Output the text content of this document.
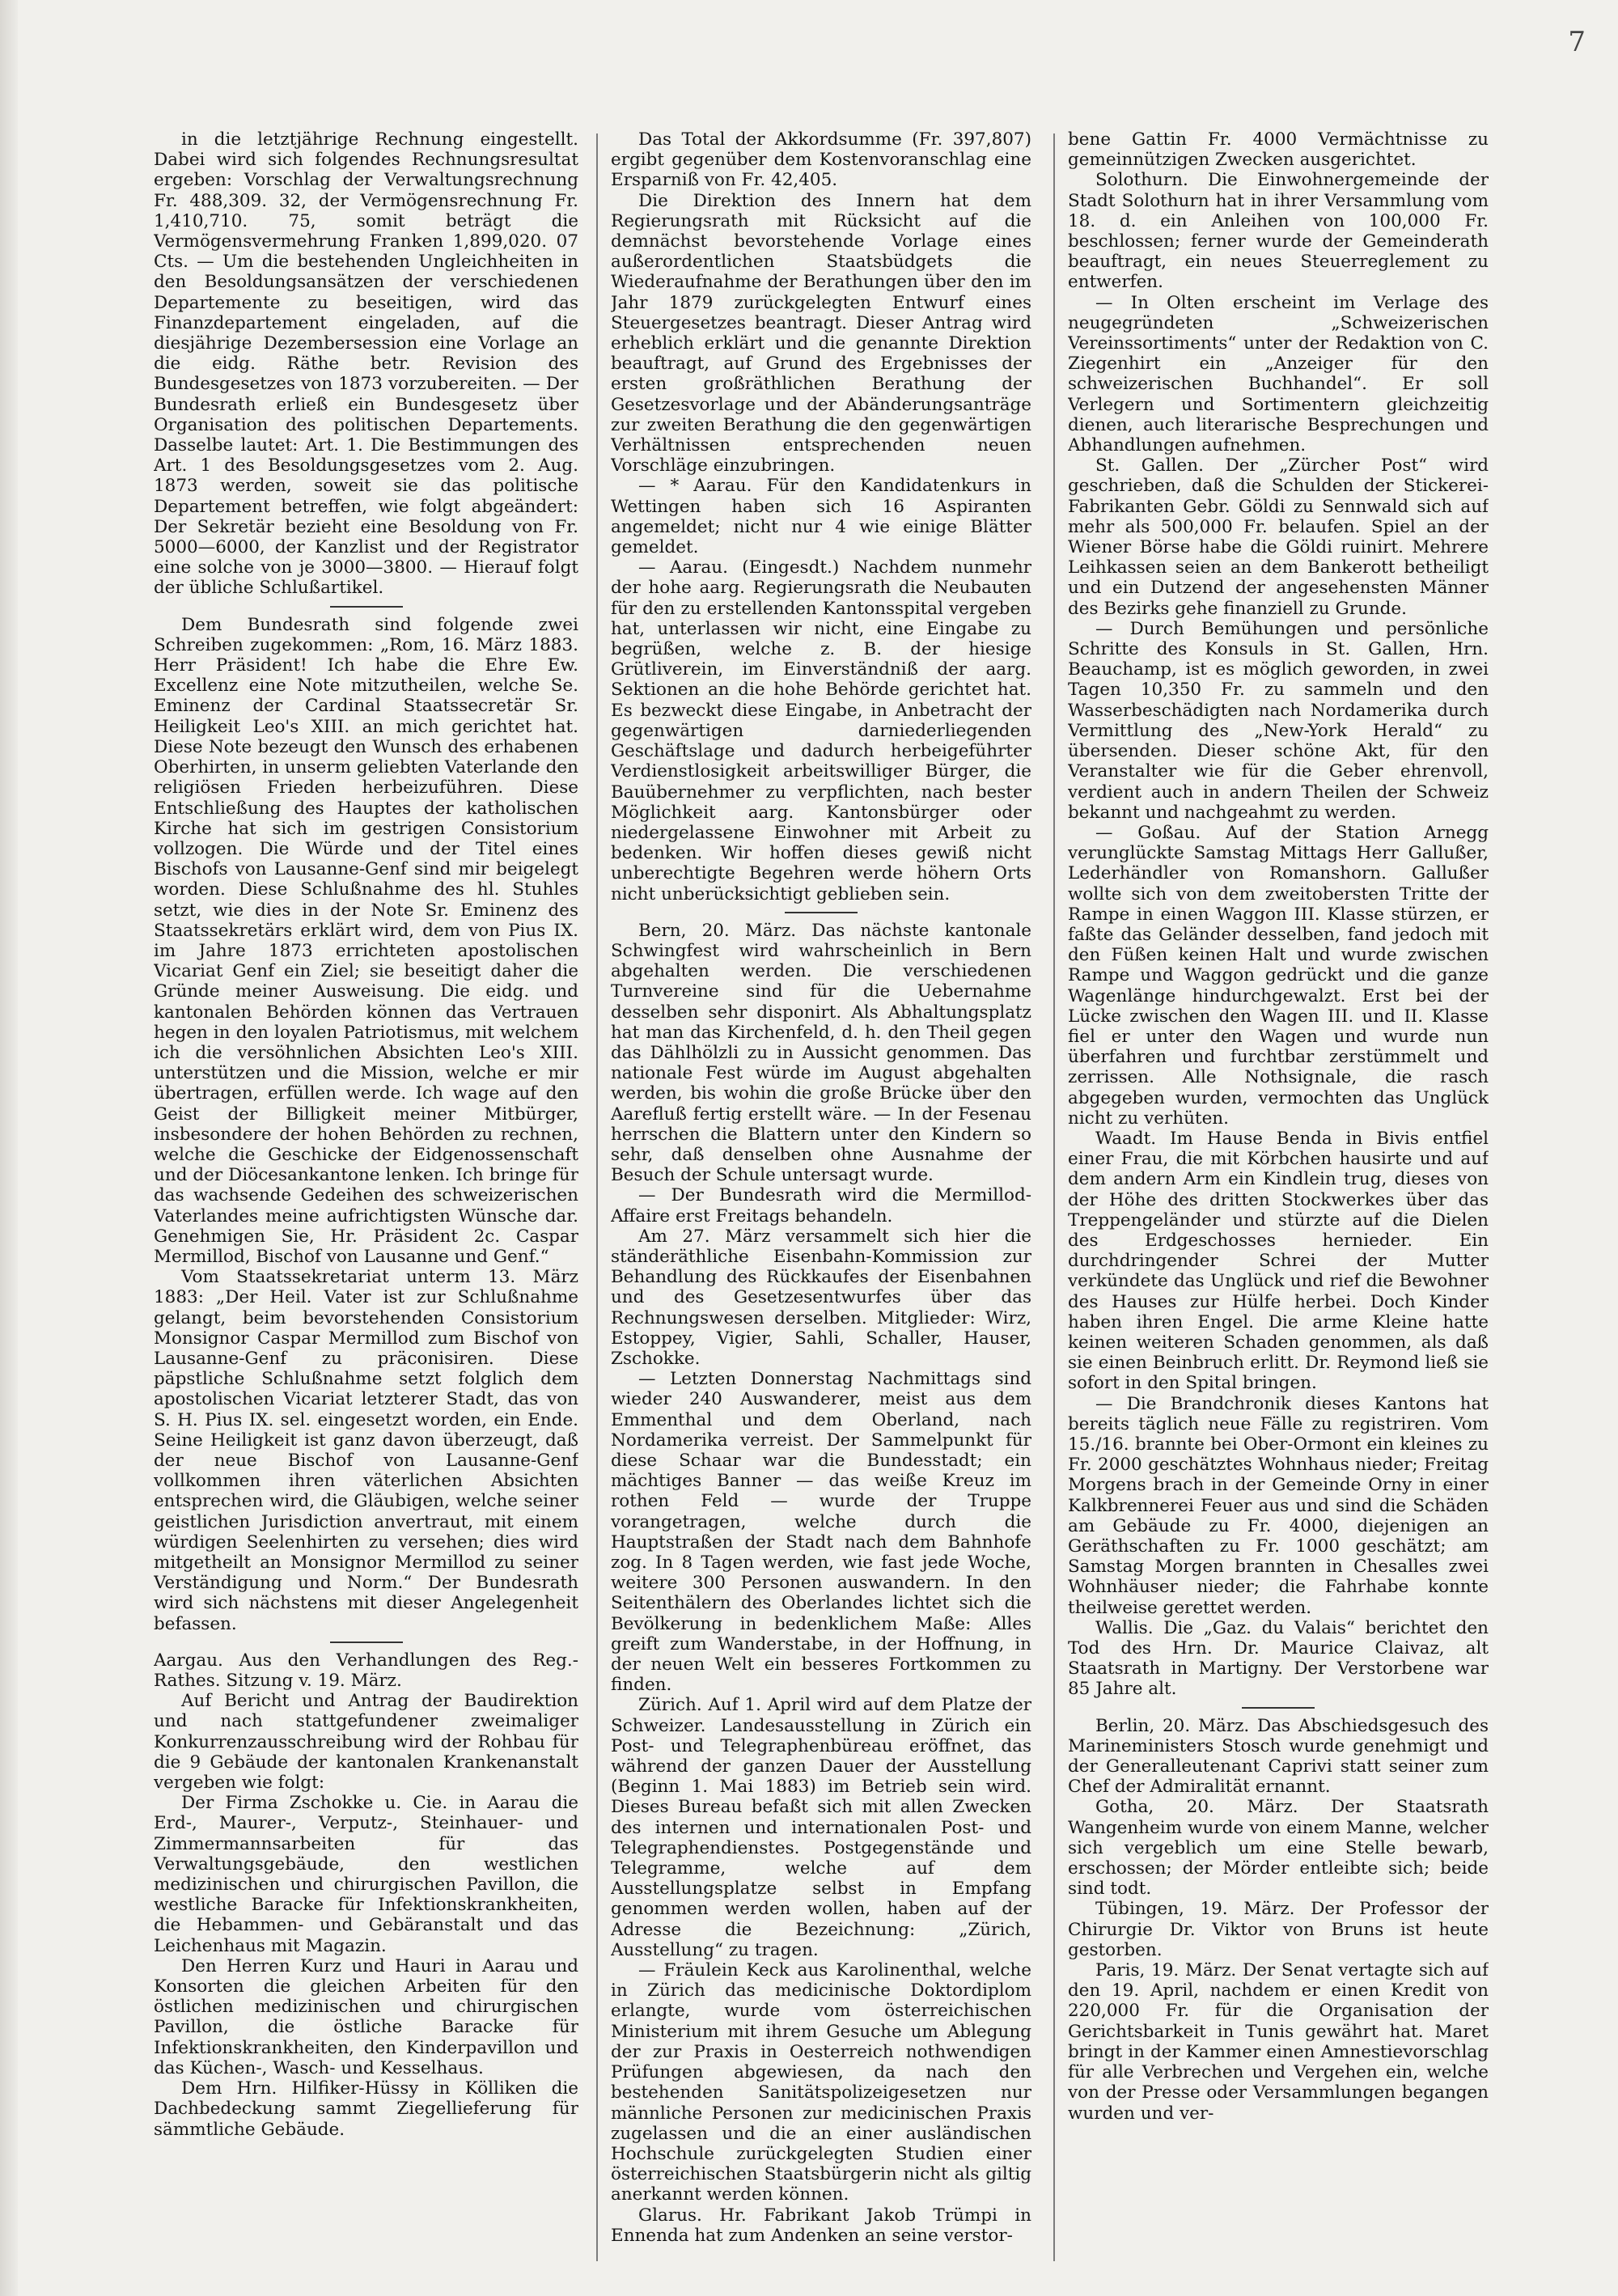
7

in die letztjährige Rechnung eingestellt. Dabei wird sich folgendes Rechnungsresultat ergeben: Vorschlag der Verwaltungsrechnung Fr. 488,309. 32, der Vermögensrechnung Fr. 1,410,710. 75, somit beträgt die Vermögensvermehrung Franken 1,899,020. 07 Cts. — Um die bestehenden Ungleichheiten in den Besoldungsansätzen der verschiedenen Departemente zu beseitigen, wird das Finanzdepartement eingeladen, auf die diesjährige Dezembersession eine Vorlage an die eidg. Räthe betr. Revision des Bundesgesetzes von 1873 vorzubereiten. — Der Bundesrath erließ ein Bundesgesetz über Organisation des politischen Departements. Dasselbe lautet: Art. 1. Die Bestimmungen des Art. 1 des Besoldungsgesetzes vom 2. Aug. 1873 werden, soweit sie das politische Departement betreffen, wie folgt abgeändert: Der Sekretär bezieht eine Besoldung von Fr. 5000—6000, der Kanzlist und der Registrator eine solche von je 3000—3800. — Hierauf folgt der übliche Schlußartikel.

Dem Bundesrath sind folgende zwei Schreiben zugekommen: „Rom, 16. März 1883. Herr Präsident! Ich habe die Ehre Ew. Excellenz eine Note mitzutheilen, welche Se. Eminenz der Cardinal Staatssecretär Sr. Heiligkeit Leo's XIII. an mich gerichtet hat. Diese Note bezeugt den Wunsch des erhabenen Oberhirten, in unserm geliebten Vaterlande den religiösen Frieden herbeizuführen. Diese Entschließung des Hauptes der katholischen Kirche hat sich im gestrigen Consistorium vollzogen. Die Würde und der Titel eines Bischofs von Lausanne-Genf sind mir beigelegt worden. Diese Schlußnahme des hl. Stuhles setzt, wie dies in der Note Sr. Eminenz des Staatssekretärs erklärt wird, dem von Pius IX. im Jahre 1873 errichteten apostolischen Vicariat Genf ein Ziel; sie beseitigt daher die Gründe meiner Ausweisung. Die eidg. und kantonalen Behörden können das Vertrauen hegen in den loyalen Patriotismus, mit welchem ich die versöhnlichen Absichten Leo's XIII. unterstützen und die Mission, welche er mir übertragen, erfüllen werde. Ich wage auf den Geist der Billigkeit meiner Mitbürger, insbesondere der hohen Behörden zu rechnen, welche die Geschicke der Eidgenossenschaft und der Diöcesankantone lenken. Ich bringe für das wachsende Gedeihen des schweizerischen Vaterlandes meine aufrichtigsten Wünsche dar. Genehmigen Sie, Hr. Präsident 2c. Caspar Mermillod, Bischof von Lausanne und Genf.“

Vom Staatssekretariat unterm 13. März 1883: „Der Heil. Vater ist zur Schlußnahme gelangt, beim bevorstehenden Consistorium Monsignor Caspar Mermillod zum Bischof von Lausanne-Genf zu präconisiren. Diese päpstliche Schlußnahme setzt folglich dem apostolischen Vicariat letzterer Stadt, das von S. H. Pius IX. sel. eingesetzt worden, ein Ende. Seine Heiligkeit ist ganz davon überzeugt, daß der neue Bischof von Lausanne-Genf vollkommen ihren väterlichen Absichten entsprechen wird, die Gläubigen, welche seiner geistlichen Jurisdiction anvertraut, mit einem würdigen Seelenhirten zu versehen; dies wird mitgetheilt an Monsignor Mermillod zu seiner Verständigung und Norm.“ Der Bundesrath wird sich nächstens mit dieser Angelegenheit befassen.

Aargau. Aus den Verhandlungen des Reg.-Rathes. Sitzung v. 19. März.

Auf Bericht und Antrag der Baudirektion und nach stattgefundener zweimaliger Konkurrenzausschreibung wird der Rohbau für die 9 Gebäude der kantonalen Krankenanstalt vergeben wie folgt:

Der Firma Zschokke u. Cie. in Aarau die Erd-, Maurer-, Verputz-, Steinhauer- und Zimmermannsarbeiten für das Verwaltungsgebäude, den westlichen medizinischen und chirurgischen Pavillon, die westliche Baracke für Infektionskrankheiten, die Hebammen- und Gebäranstalt und das Leichenhaus mit Magazin.

Den Herren Kurz und Hauri in Aarau und Konsorten die gleichen Arbeiten für den östlichen medizinischen und chirurgischen Pavillon, die östliche Baracke für Infektionskrankheiten, den Kinderpavillon und das Küchen-, Wasch- und Kesselhaus.

Dem Hrn. Hilfiker-Hüssy in Kölliken die Dachbedeckung sammt Ziegellieferung für sämmtliche Gebäude.

Das Total der Akkordsumme (Fr. 397,807) ergibt gegenüber dem Kostenvoranschlag eine Ersparniß von Fr. 42,405.

Die Direktion des Innern hat dem Regierungsrath mit Rücksicht auf die demnächst bevorstehende Vorlage eines außerordentlichen Staatsbüdgets die Wiederaufnahme der Berathungen über den im Jahr 1879 zurückgelegten Entwurf eines Steuergesetzes beantragt. Dieser Antrag wird erheblich erklärt und die genannte Direktion beauftragt, auf Grund des Ergebnisses der ersten großräthlichen Berathung der Gesetzesvorlage und der Abänderungsanträge zur zweiten Berathung die den gegenwärtigen Verhältnissen entsprechenden neuen Vorschläge einzubringen.

— * Aarau. Für den Kandidatenkurs in Wettingen haben sich 16 Aspiranten angemeldet; nicht nur 4 wie einige Blätter gemeldet.

— Aarau. (Eingesdt.) Nachdem nunmehr der hohe aarg. Regierungsrath die Neubauten für den zu erstellenden Kantonsspital vergeben hat, unterlassen wir nicht, eine Eingabe zu begrüßen, welche z. B. der hiesige Grütliverein, im Einverständniß der aarg. Sektionen an die hohe Behörde gerichtet hat. Es bezweckt diese Eingabe, in Anbetracht der gegenwärtigen darniederliegenden Geschäftslage und dadurch herbeigeführter Verdienstlosigkeit arbeitswilliger Bürger, die Bauübernehmer zu verpflichten, nach bester Möglichkeit aarg. Kantonsbürger oder niedergelassene Einwohner mit Arbeit zu bedenken. Wir hoffen dieses gewiß nicht unberechtigte Begehren werde höhern Orts nicht unberücksichtigt geblieben sein.

Bern, 20. März. Das nächste kantonale Schwingfest wird wahrscheinlich in Bern abgehalten werden. Die verschiedenen Turnvereine sind für die Uebernahme desselben sehr disponirt. Als Abhaltungsplatz hat man das Kirchenfeld, d. h. den Theil gegen das Dählhölzli zu in Aussicht genommen. Das nationale Fest würde im August abgehalten werden, bis wohin die große Brücke über den Aarefluß fertig erstellt wäre. — In der Fesenau herrschen die Blattern unter den Kindern so sehr, daß denselben ohne Ausnahme der Besuch der Schule untersagt wurde.

— Der Bundesrath wird die Mermillod-Affaire erst Freitags behandeln.

Am 27. März versammelt sich hier die ständeräthliche Eisenbahn-Kommission zur Behandlung des Rückkaufes der Eisenbahnen und des Gesetzesentwurfes über das Rechnungswesen derselben. Mitglieder: Wirz, Estoppey, Vigier, Sahli, Schaller, Hauser, Zschokke.

— Letzten Donnerstag Nachmittags sind wieder 240 Auswanderer, meist aus dem Emmenthal und dem Oberland, nach Nordamerika verreist. Der Sammelpunkt für diese Schaar war die Bundesstadt; ein mächtiges Banner — das weiße Kreuz im rothen Feld — wurde der Truppe vorangetragen, welche durch die Hauptstraßen der Stadt nach dem Bahnhofe zog. In 8 Tagen werden, wie fast jede Woche, weitere 300 Personen auswandern. In den Seitenthälern des Oberlandes lichtet sich die Bevölkerung in bedenklichem Maße: Alles greift zum Wanderstabe, in der Hoffnung, in der neuen Welt ein besseres Fortkommen zu finden.

Zürich. Auf 1. April wird auf dem Platze der Schweizer. Landesausstellung in Zürich ein Post- und Telegraphenbüreau eröffnet, das während der ganzen Dauer der Ausstellung (Beginn 1. Mai 1883) im Betrieb sein wird. Dieses Bureau befaßt sich mit allen Zwecken des internen und internationalen Post- und Telegraphendienstes. Postgegenstände und Telegramme, welche auf dem Ausstellungsplatze selbst in Empfang genommen werden wollen, haben auf der Adresse die Bezeichnung: „Zürich, Ausstellung“ zu tragen.

— Fräulein Keck aus Karolinenthal, welche in Zürich das medicinische Doktordiplom erlangte, wurde vom österreichischen Ministerium mit ihrem Gesuche um Ablegung der zur Praxis in Oesterreich nothwendigen Prüfungen abgewiesen, da nach den bestehenden Sanitätspolizeigesetzen nur männliche Personen zur medicinischen Praxis zugelassen und die an einer ausländischen Hochschule zurückgelegten Studien einer österreichischen Staatsbürgerin nicht als giltig anerkannt werden können.

Glarus. Hr. Fabrikant Jakob Trümpi in Ennenda hat zum Andenken an seine verstor-

bene Gattin Fr. 4000 Vermächtnisse zu gemeinnützigen Zwecken ausgerichtet.

Solothurn. Die Einwohnergemeinde der Stadt Solothurn hat in ihrer Versammlung vom 18. d. ein Anleihen von 100,000 Fr. beschlossen; ferner wurde der Gemeinderath beauftragt, ein neues Steuerreglement zu entwerfen.

— In Olten erscheint im Verlage des neugegründeten „Schweizerischen Vereinssortiments“ unter der Redaktion von C. Ziegenhirt ein „Anzeiger für den schweizerischen Buchhandel“. Er soll Verlegern und Sortimentern gleichzeitig dienen, auch literarische Besprechungen und Abhandlungen aufnehmen.

St. Gallen. Der „Zürcher Post“ wird geschrieben, daß die Schulden der Stickerei-Fabrikanten Gebr. Göldi zu Sennwald sich auf mehr als 500,000 Fr. belaufen. Spiel an der Wiener Börse habe die Göldi ruinirt. Mehrere Leihkassen seien an dem Bankerott betheiligt und ein Dutzend der angesehensten Männer des Bezirks gehe finanziell zu Grunde.

— Durch Bemühungen und persönliche Schritte des Konsuls in St. Gallen, Hrn. Beauchamp, ist es möglich geworden, in zwei Tagen 10,350 Fr. zu sammeln und den Wasserbeschädigten nach Nordamerika durch Vermittlung des „New-York Herald“ zu übersenden. Dieser schöne Akt, für den Veranstalter wie für die Geber ehrenvoll, verdient auch in andern Theilen der Schweiz bekannt und nachgeahmt zu werden.

— Goßau. Auf der Station Arnegg verunglückte Samstag Mittags Herr Gallußer, Lederhändler von Romanshorn. Gallußer wollte sich von dem zweitobersten Tritte der Rampe in einen Waggon III. Klasse stürzen, er faßte das Geländer desselben, fand jedoch mit den Füßen keinen Halt und wurde zwischen Rampe und Waggon gedrückt und die ganze Wagenlänge hindurchgewalzt. Erst bei der Lücke zwischen den Wagen III. und II. Klasse fiel er unter den Wagen und wurde nun überfahren und furchtbar zerstümmelt und zerrissen. Alle Nothsignale, die rasch abgegeben wurden, vermochten das Unglück nicht zu verhüten.

Waadt. Im Hause Benda in Bivis entfiel einer Frau, die mit Körbchen hausirte und auf dem andern Arm ein Kindlein trug, dieses von der Höhe des dritten Stockwerkes über das Treppengeländer und stürzte auf die Dielen des Erdgeschosses hernieder. Ein durchdringender Schrei der Mutter verkündete das Unglück und rief die Bewohner des Hauses zur Hülfe herbei. Doch Kinder haben ihren Engel. Die arme Kleine hatte keinen weiteren Schaden genommen, als daß sie einen Beinbruch erlitt. Dr. Reymond ließ sie sofort in den Spital bringen.

— Die Brandchronik dieses Kantons hat bereits täglich neue Fälle zu registriren. Vom 15./16. brannte bei Ober-Ormont ein kleines zu Fr. 2000 geschätztes Wohnhaus nieder; Freitag Morgens brach in der Gemeinde Orny in einer Kalkbrennerei Feuer aus und sind die Schäden am Gebäude zu Fr. 4000, diejenigen an Geräthschaften zu Fr. 1000 geschätzt; am Samstag Morgen brannten in Chesalles zwei Wohnhäuser nieder; die Fahrhabe konnte theilweise gerettet werden.

Wallis. Die „Gaz. du Valais“ berichtet den Tod des Hrn. Dr. Maurice Claivaz, alt Staatsrath in Martigny. Der Verstorbene war 85 Jahre alt.

Berlin, 20. März. Das Abschiedsgesuch des Marineministers Stosch wurde genehmigt und der Generalleutenant Caprivi statt seiner zum Chef der Admiralität ernannt.

Gotha, 20. März. Der Staatsrath Wangenheim wurde von einem Manne, welcher sich vergeblich um eine Stelle bewarb, erschossen; der Mörder entleibte sich; beide sind todt.

Tübingen, 19. März. Der Professor der Chirurgie Dr. Viktor von Bruns ist heute gestorben.

Paris, 19. März. Der Senat vertagte sich auf den 19. April, nachdem er einen Kredit von 220,000 Fr. für die Organisation der Gerichtsbarkeit in Tunis gewährt hat. Maret bringt in der Kammer einen Amnestievorschlag für alle Verbrechen und Vergehen ein, welche von der Presse oder Versammlungen begangen wurden und ver-
